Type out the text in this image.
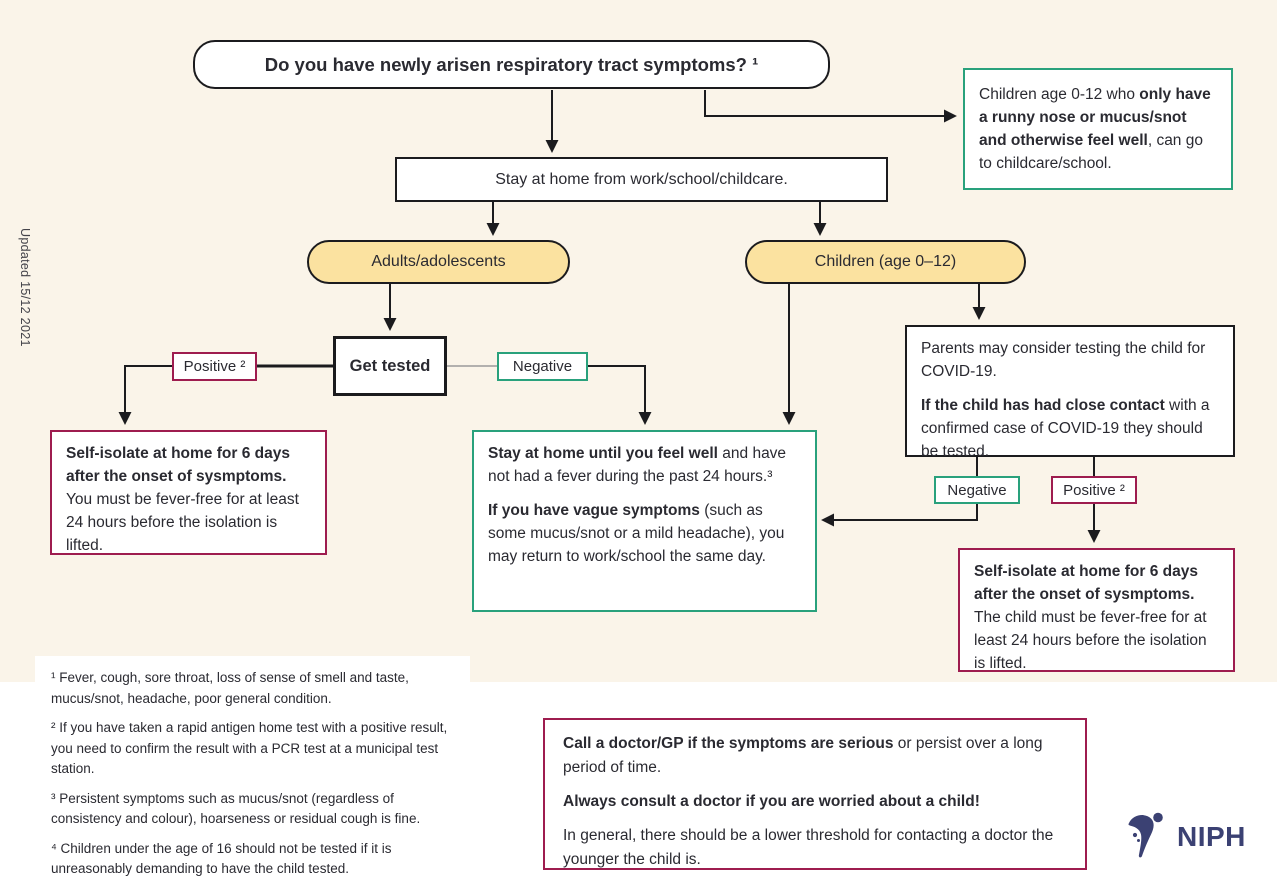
Updated 15/12 2021
Do you have newly arisen respiratory tract symptoms? ¹

Children age 0-12 who only have a runny nose or mucus/snot and otherwise feel well, can go to childcare/school.

Stay at home from work/school/childcare.
Adults/adolescents	Children (age 0–12)
Get tested
Positive ²	Negative

Self-isolate at home for 6 days after the onset of sysmptoms. You must be fever-free for at least 24 hours before the isolation is lifted.

Stay at home until you feel well and have not had a fever during the past 24 hours.³

If you have vague symptoms (such as some mucus/snot or a mild headache), you may return to work/school the same day.

Parents may consider testing the child for COVID-19.

If the child has had close contact with a confirmed case of COVID-19 they should be tested.

Negative	Positive ²

Self-isolate at home for 6 days after the onset of sysmptoms. The child must be fever-free for at least 24 hours before the isolation is lifted.

¹ Fever, cough, sore throat, loss of sense of smell and taste, mucus/snot, headache, poor general condition.

² If you have taken a rapid antigen home test with a positive result, you need to confirm the result with a PCR test at a municipal test station.

³ Persistent symptoms such as mucus/snot (regardless of consistency and colour), hoarseness or residual cough is fine.

⁴ Children under the age of 16 should not be tested if it is unreasonably demanding to have the child tested.

Call a doctor/GP if the symptoms are serious or persist over a long period of time.

Always consult a doctor if you are worried about a child!

In general, there should be a lower threshold for contacting a doctor the younger the child is.

NIPH
